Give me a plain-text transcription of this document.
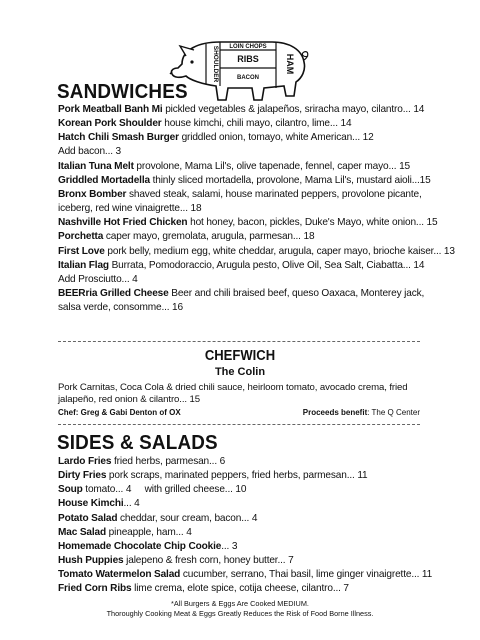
LOIN CHOPS
RIBS
BACON
SHOULDER	HAM
SANDWICHES
Pork Meatball Banh Mi pickled vegetables & jalapeños, sriracha mayo, cilantro... 14
Korean Pork Shoulder house kimchi, chili mayo, cilantro, lime... 14
Hatch Chili Smash Burger griddled onion, tomayo, white American... 12
Add bacon... 3
Italian Tuna Melt provolone, Mama Lil's, olive tapenade, fennel, caper mayo... 15
Griddled Mortadella thinly sliced mortadella, provolone, Mama Lil's, mustard aioli...15
Bronx Bomber shaved steak, salami, house marinated peppers, provolone picante, iceberg, red wine vinaigrette... 18
Nashville Hot Fried Chicken hot honey, bacon, pickles, Duke's Mayo, white onion... 15
Porchetta caper mayo, gremolata, arugula, parmesan... 18
First Love pork belly, medium egg, white cheddar, arugula, caper mayo, brioche kaiser... 13
Italian Flag Burrata, Pomodoraccio, Arugula pesto, Olive Oil, Sea Salt, Ciabatta... 14
Add Prosciutto... 4
BEERria Grilled Cheese Beer and chili braised beef, queso Oaxaca, Monterey jack, salsa verde, consomme... 16
CHEFWICH
The Colin
Pork Carnitas, Coca Cola & dried chili sauce, heirloom tomato, avocado crema, fried jalapeño, red onion & cilantro... 15
Chef: Greg & Gabi Denton of OX	Proceeds benefit: The Q Center
SIDES & SALADS
Lardo Fries fried herbs, parmesan... 6
Dirty Fries pork scraps, marinated peppers, fried herbs, parmesan... 11
Soup tomato... 4     with grilled cheese... 10
House Kimchi... 4
Potato Salad cheddar, sour cream, bacon... 4
Mac Salad pineapple, ham... 4
Homemade Chocolate Chip Cookie... 3
Hush Puppies jalepeno & fresh corn, honey butter... 7
Tomato Watermelon Salad cucumber, serrano, Thai basil, lime ginger vinaigrette... 11
Fried Corn Ribs lime crema, elote spice, cotija cheese, cilantro... 7
*All Burgers & Eggs Are Cooked MEDIUM.
Thoroughly Cooking Meat & Eggs Greatly Reduces the Risk of Food Borne Illness.
